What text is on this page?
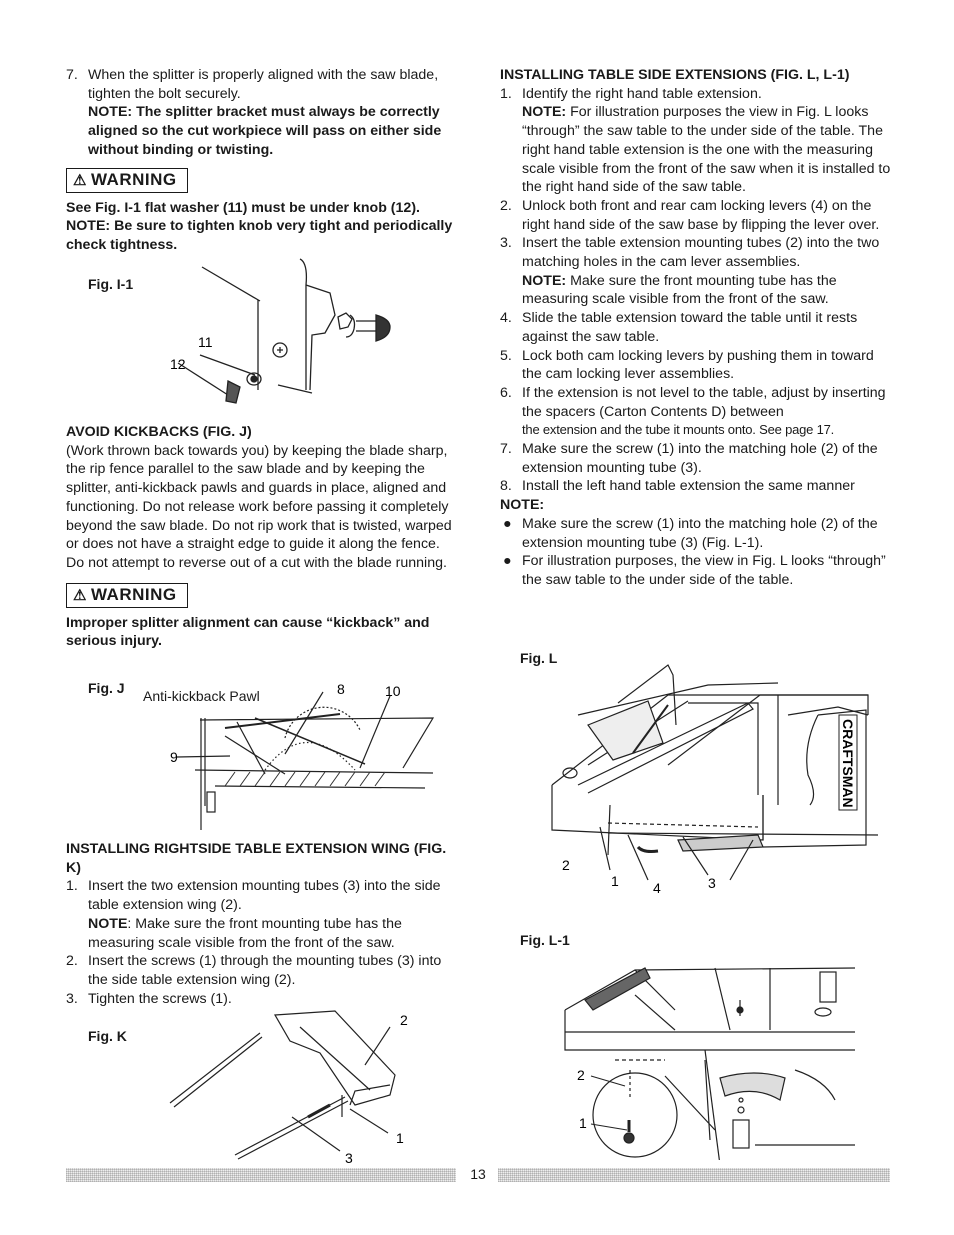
7. When the splitter is properly aligned with the saw blade, tighten the bolt securely.
NOTE: The splitter bracket must always be correctly aligned so the cut workpiece will pass on either side without binding or twisting.
⚠ WARNING
See Fig. I-1 flat washer (11) must be under knob (12). NOTE: Be sure to tighten knob very tight and periodically check tightness.
Fig. I-1
11
12
AVOID KICKBACKS (FIG. J)
(Work thrown back towards you) by keeping the blade sharp, the rip fence parallel to the saw blade and by keeping the splitter, anti-kickback pawls and guards in place, aligned and functioning. Do not release work before passing it completely beyond the saw blade. Do not rip work that is twisted, warped or does not have a straight edge to guide it along the fence. Do not attempt to reverse out of a cut with the blade running.
⚠ WARNING
Improper splitter alignment can cause “kickback” and serious injury.
Fig. J Anti-kickback Pawl	8	10
9
INSTALLING RIGHTSIDE TABLE EXTENSION WING (FIG. K)
1. Insert the two extension mounting tubes (3) into the side table extension wing (2).
NOTE: Make sure the front mounting tube has the measuring scale visible from the front of the saw.
2. Insert the screws (1) through the mounting tubes (3) into the side table extension wing (2).
3. Tighten the screws (1).
Fig. K
2
1
3
INSTALLING TABLE SIDE EXTENSIONS (FIG. L, L-1)
1. Identify the right hand table extension.
NOTE: For illustration purposes the view in Fig. L looks “through” the saw table to the under side of the table. The right hand table extension is the one with the measuring scale visible from the front of the saw when it is installed to the right hand side of the saw table.
2. Unlock both front and rear cam locking levers (4) on the right hand side of the saw base by flipping the lever over.
3. Insert the table extension mounting tubes (2) into the two matching holes in the cam lever assemblies.
NOTE: Make sure the front mounting tube has the measuring scale visible from the front of the saw.
4. Slide the table extension toward the table until it rests against the saw table.
5. Lock both cam locking levers by pushing them in toward the cam locking lever assemblies.
6. If the extension is not level to the table, adjust by inserting the spacers (Carton Contents D) between
the extension and the tube it mounts onto. See page 17.
7. Make sure the screw (1) into the matching hole (2) of the extension mounting tube (3).
8. Install the left hand table extension the same manner
NOTE:
● Make sure the screw (1) into the matching hole (2) of the extension mounting tube (3) (Fig. L-1).
● For illustration purposes, the view in Fig. L looks “through” the saw table to the under side of the table.
Fig. L
CRAFTSMAN
2
1 4	3
Fig. L-1
2
1
13
